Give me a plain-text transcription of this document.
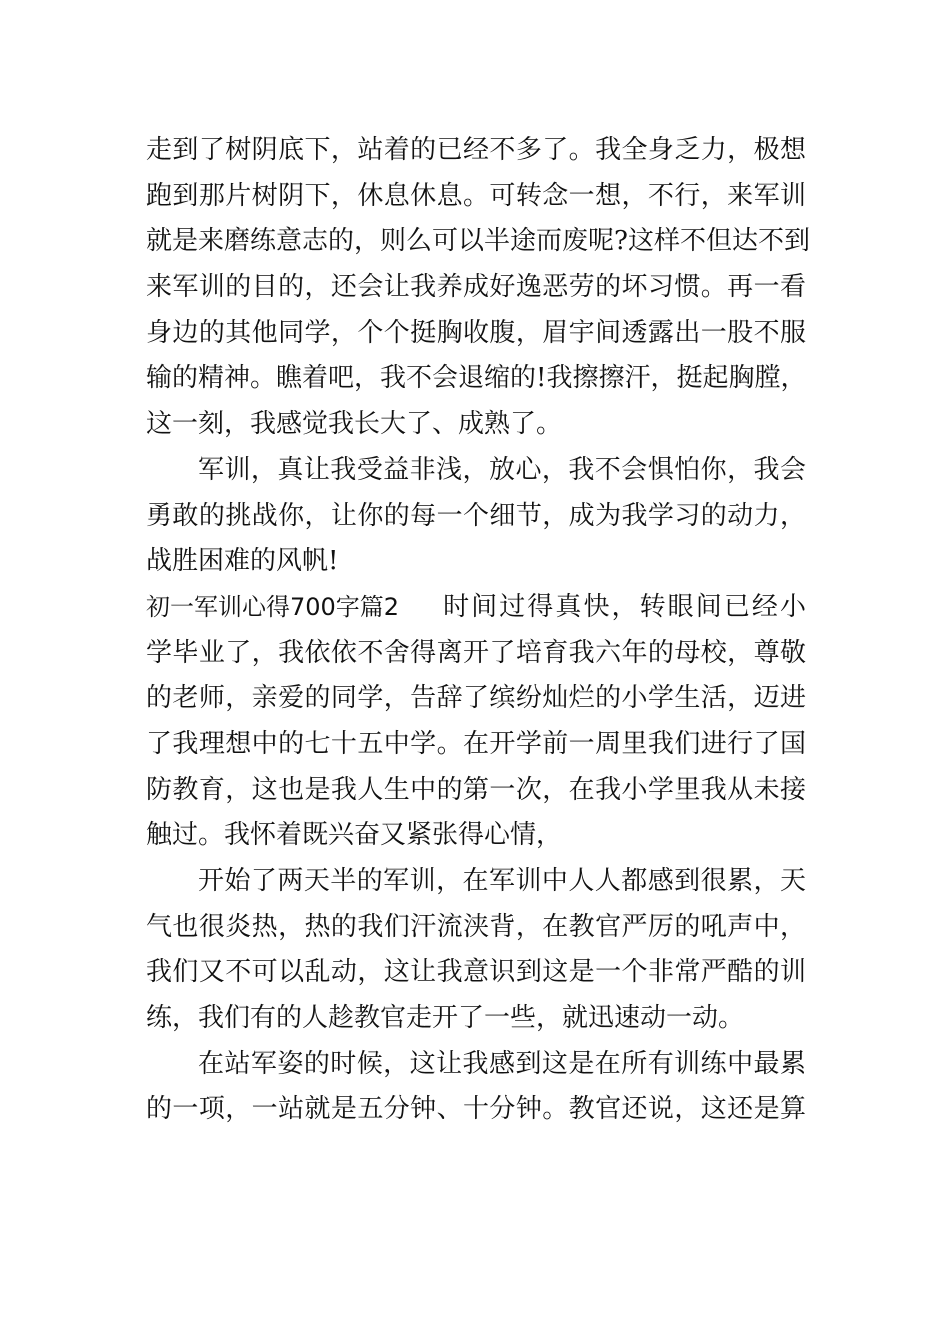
走到了树阴底下，站着的已经不多了。我全身乏力，极想
跑到那片树阴下，休息休息。可转念一想，不行，来军训
就是来磨练意志的，则么可以半途而废呢?这样不但达不到
来军训的目的，还会让我养成好逸恶劳的坏习惯。再一看
身边的其他同学，个个挺胸收腹，眉宇间透露出一股不服
输的精神。瞧着吧，我不会退缩的!我擦擦汗，挺起胸膛，
这一刻，我感觉我长大了、成熟了。
军训，真让我受益非浅，放心，我不会惧怕你，我会
勇敢的挑战你，让你的每一个细节，成为我学习的动力，
战胜困难的风帆!
初一军训心得700字篇2 时间过得真快，转眼间已经小
学毕业了，我依依不舍得离开了培育我六年的母校，尊敬
的老师，亲爱的同学，告辞了缤纷灿烂的小学生活，迈进
了我理想中的七十五中学。在开学前一周里我们进行了国
防教育，这也是我人生中的第一次，在我小学里我从未接
触过。我怀着既兴奋又紧张得心情，
开始了两天半的军训，在军训中人人都感到很累，天
气也很炎热，热的我们汗流浃背，在教官严厉的吼声中，
我们又不可以乱动，这让我意识到这是一个非常严酷的训
练，我们有的人趁教官走开了一些，就迅速动一动。
在站军姿的时候，这让我感到这是在所有训练中最累
的一项，一站就是五分钟、十分钟。教官还说，这还是算
